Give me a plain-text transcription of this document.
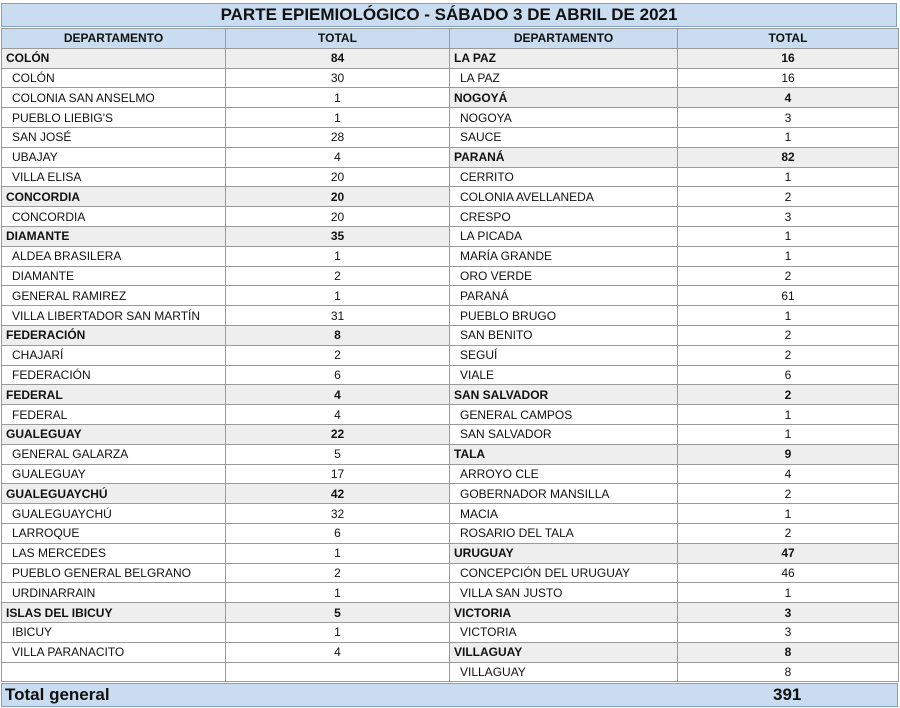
PARTE EPIEMIOLÓGICO - SÁBADO 3 DE ABRIL DE 2021
DEPARTAMENTO	TOTAL	DEPARTAMENTO	TOTAL
COLÓN	84	LA PAZ	16
COLÓN	30	LA PAZ	16
COLONIA SAN ANSELMO	1	NOGOYÁ	4
PUEBLO LIEBIG'S	1	NOGOYA	3
SAN JOSÉ	28	SAUCE	1
UBAJAY	4	PARANÁ	82
VILLA ELISA	20	CERRITO	1
CONCORDIA	20	COLONIA AVELLANEDA	2
CONCORDIA	20	CRESPO	3
DIAMANTE	35	LA PICADA	1
ALDEA BRASILERA	1	MARÍA GRANDE	1
DIAMANTE	2	ORO VERDE	2
GENERAL RAMIREZ	1	PARANÁ	61
VILLA LIBERTADOR SAN MARTÍN	31	PUEBLO BRUGO	1
FEDERACIÓN	8	SAN BENITO	2
CHAJARÍ	2	SEGUÍ	2
FEDERACIÓN	6	VIALE	6
FEDERAL	4	SAN SALVADOR	2
FEDERAL	4	GENERAL CAMPOS	1
GUALEGUAY	22	SAN SALVADOR	1
GENERAL GALARZA	5	TALA	9
GUALEGUAY	17	ARROYO CLE	4
GUALEGUAYCHÚ	42	GOBERNADOR MANSILLA	2
GUALEGUAYCHÚ	32	MACIA	1
LARROQUE	6	ROSARIO DEL TALA	2
LAS MERCEDES	1	URUGUAY	47
PUEBLO GENERAL BELGRANO	2	CONCEPCIÓN DEL URUGUAY	46
URDINARRAIN	1	VILLA SAN JUSTO	1
ISLAS DEL IBICUY	5	VICTORIA	3
IBICUY	1	VICTORIA	3
VILLA PARANACITO	4	VILLAGUAY	8
		VILLAGUAY	8
Total general	391
